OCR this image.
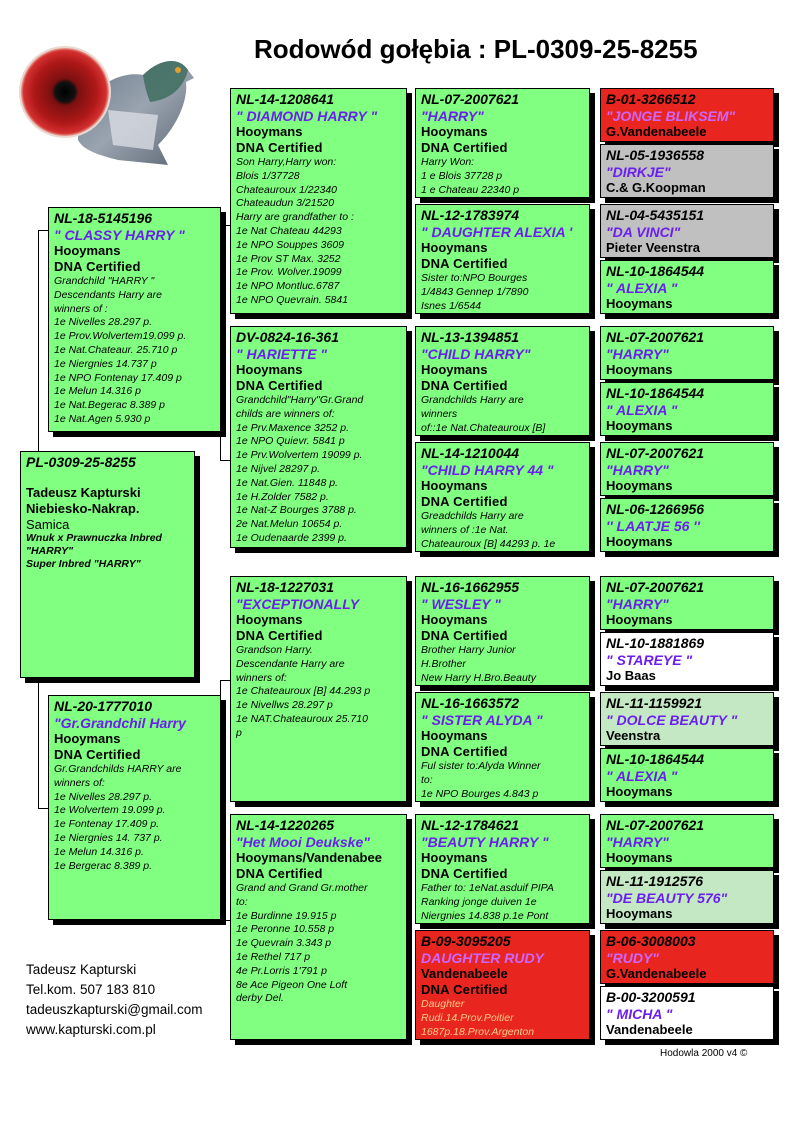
Rodowód gołębia : PL-0309-25-8255
PL-0309-25-8255
Tadeusz Kapturski
Niebiesko-Nakrap.
Samica
Wnuk x Prawnuczka Inbred
"HARRY"
Super Inbred "HARRY"
NL-18-5145196
" CLASSY HARRY "
Hooymans
DNA Certified
Grandchild "HARRY "
Descendants Harry are
winners of :
1e Nivelles 28.297 p.
1e Prov.Wolvertem19.099 p.
1e Nat.Chateaur. 25.710 p
1e Niergnies 14.737 p
1e NPO Fontenay 17.409 p
1e Melun 14.316 p
1e Nat.Begerac 8.389 p
1e Nat.Agen 5.930 p
NL-20-1777010
"Gr.Grandchil Harry
Hooymans
DNA Certified
Gr.Grandchilds HARRY are
winners of:
1e Nivelles 28.297 p.
1e Wolvertem 19.099 p.
1e Fontenay 17.409 p.
1e Niergnies 14. 737 p.
1e Melun 14.316 p.
1e Bergerac 8.389 p.
NL-14-1208641
" DIAMOND HARRY "
Hooymans
DNA Certified
Son Harry,Harry won:
Blois 1/37728
Chateauroux 1/22340
Chateaudun 3/21520
Harry are grandfather to :
1e Nat Chateau 44293
1e NPO Souppes 3609
1e Prov ST Max. 3252
1e Prov. Wolver.19099
1e NPO Montluc.6787
1e NPO Quevrain. 5841
DV-0824-16-361
" HARIETTE "
Hooymans
DNA Certified
Grandchild"Harry"Gr.Grand
childs are winners of:
1e Prv.Maxence 3252 p.
1e NPO Quievr. 5841 p
1e Prv.Wolvertem 19099 p.
1e Nijvel 28297 p.
1e Nat.Gien. 11848 p.
1e H.Zolder 7582 p.
1e Nat-Z Bourges 3788 p.
2e Nat.Melun 10654 p.
1e Oudenaarde 2399 p.
NL-18-1227031
"EXCEPTIONALLY
Hooymans
DNA Certified
Grandson Harry.
Descendante Harry are
winners of:
1e Chateauroux [B] 44.293 p
1e Nivellws 28.297 p
1e NAT.Chateauroux 25.710
p
NL-14-1220265
"Het Mooi Deukske"
Hooymans/Vandenabee
DNA Certified
Grand and Grand Gr.mother
to:
1e Burdinne 19.915 p
1e Peronne 10.558 p
1e Quevrain 3.343 p
1e Rethel 717 p
4e Pr.Lorris 1'791 p
8e Ace Pigeon One Loft
derby Del.
NL-07-2007621
"HARRY"
Hooymans
DNA Certified
Harry Won:
1 e Blois 37728 p
1 e Chateau 22340 p
NL-12-1783974
" DAUGHTER ALEXIA '
Hooymans
DNA Certified
Sister to:NPO Bourges
1/4843 Gennep 1/7890
Isnes 1/6544
NL-13-1394851
"CHILD HARRY"
Hooymans
DNA Certified
Grandchilds Harry are
winners
of::1e Nat.Chateauroux [B]
NL-14-1210044
"CHILD HARRY 44 "
Hooymans
DNA Certified
Greadchilds Harry are
winners of :1e Nat.
Chateauroux [B] 44293 p. 1e
NL-16-1662955
" WESLEY "
Hooymans
DNA Certified
Brother Harry Junior
H.Brother
New Harry H.Bro.Beauty
NL-16-1663572
" SISTER ALYDA "
Hooymans
DNA Certified
Ful sister to:Alyda Winner
to:
1e NPO Bourges 4.843 p
NL-12-1784621
"BEAUTY HARRY "
Hooymans
DNA Certified
Father to: 1eNat.asduif PIPA
Ranking jonge duiven 1e
Niergnies 14.838 p.1e Pont
B-09-3095205
DAUGHTER RUDY
Vandenabeele
DNA Certified
Daughter
Rudi.14.Prov.Poitier
1687p.18.Prov.Argenton
B-01-3266512
"JONGE BLIKSEM"
G.Vandenabeele
NL-05-1936558
"DIRKJE"
C.& G.Koopman
NL-04-5435151
"DA VINCI"
Pieter Veenstra
NL-10-1864544
" ALEXIA "
Hooymans
NL-07-2007621
"HARRY"
Hooymans
NL-10-1864544
" ALEXIA "
Hooymans
NL-07-2007621
"HARRY"
Hooymans
NL-06-1266956
'' LAATJE 56 ''
Hooymans
NL-07-2007621
"HARRY"
Hooymans
NL-10-1881869
" STAREYE "
Jo Baas
NL-11-1159921
" DOLCE BEAUTY "
Veenstra
NL-10-1864544
" ALEXIA "
Hooymans
NL-07-2007621
"HARRY"
Hooymans
NL-11-1912576
"DE BEAUTY 576"
Hooymans
B-06-3008003
"RUDY"
G.Vandenabeele
B-00-3200591
" MICHA "
Vandenabeele
Tadeusz Kapturski
Tel.kom. 507 183 810
tadeuszkapturski@gmail.com
www.kapturski.com.pl
Hodowla 2000 v4 ©
